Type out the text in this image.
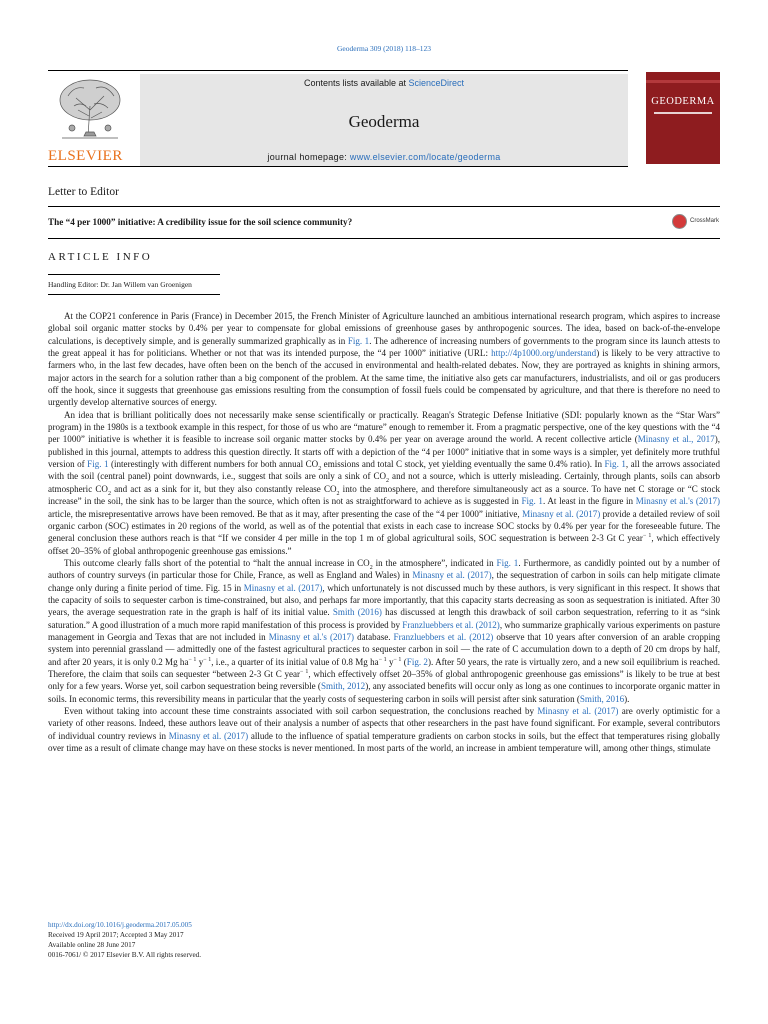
Geoderma 309 (2018) 118–123
ELSEVIER
Contents lists available at ScienceDirect
Geoderma
journal homepage: www.elsevier.com/locate/geoderma
GEODERMA
Letter to Editor
The “4 per 1000” initiative: A credibility issue for the soil science community?	CrossMark
ARTICLE INFO
Handling Editor: Dr. Jan Willem van Groenigen

At the COP21 conference in Paris (France) in December 2015, the French Minister of Agriculture launched an ambitious international research program, which aspires to increase global soil organic matter stocks by 0.4% per year to compensate for global emissions of greenhouse gases by anthropogenic sources. The idea, based on back-of-the-envelope calculations, is deceptively simple, and is generally summarized graphically as in Fig. 1. The adherence of increasing numbers of governments to the program since its launch attests to the great appeal it has for politicians. Whether or not that was its intended purpose, the “4 per 1000” initiative (URL: http://4p1000.org/understand) is likely to be very attractive to farmers who, in the last few decades, have often been on the bench of the accused in environmental and health-related debates. Now, they are portrayed as knights in shining armors, major actors in the search for a solution rather than a big component of the problem. At the same time, the initiative also gets car manufacturers, industrialists, and oil or gas producers off the hook, since it suggests that greenhouse gas emissions resulting from the consumption of fossil fuels could be compensated by agriculture, and that there is therefore no need to urgently develop alternative sources of energy.

An idea that is brilliant politically does not necessarily make sense scientifically or practically. Reagan's Strategic Defense Initiative (SDI: popularly known as the “Star Wars” program) in the 1980s is a textbook example in this respect, for those of us who are “mature” enough to remember it. From a pragmatic perspective, one of the key questions with the “4 per 1000” initiative is whether it is feasible to increase soil organic matter stocks by 0.4% per year on average around the world. A recent collective article (Minasny et al., 2017), published in this journal, attempts to address this question directly. It starts off with a depiction of the “4 per 1000” initiative that in some ways is a simpler, yet definitely more truthful version of Fig. 1 (interestingly with different numbers for both annual $CO_2$ emissions and total C stock, yet yielding eventually the same 0.4% ratio). In Fig. 1, all the arrows associated with the soil (central panel) point downwards, i.e., suggest that soils are only a sink of $CO_2$ and not a source, which is utterly misleading. Certainly, through plants, soils can absorb atmospheric $CO_2$ and act as a sink for it, but they also constantly release $CO_2$ into the atmosphere, and therefore simultaneously act as a source. To have net C storage or “C stock increase” in the soil, the sink has to be larger than the source, which often is not as straightforward to achieve as is suggested in Fig. 1. At least in the figure in Minasny et al.'s (2017) article, the misrepresentative arrows have been removed. Be that as it may, after presenting the case of the “4 per 1000” initiative, Minasny et al. (2017) provide a detailed review of soil organic carbon (SOC) estimates in 20 regions of the world, as well as of the potential that exists in each case to increase SOC stocks by 0.4% per year for the foreseeable future. The general conclusion these authors reach is that “If we consider 4 per mille in the top 1 m of global agricultural soils, SOC sequestration is between 2-3 Gt C year$^{- 1}$, which effectively offset 20–35% of global anthropogenic greenhouse gas emissions.”

This outcome clearly falls short of the potential to “halt the annual increase in $CO_2$ in the atmosphere”, indicated in Fig. 1. Furthermore, as candidly pointed out by a number of authors of country surveys (in particular those for Chile, France, as well as England and Wales) in Minasny et al. (2017), the sequestration of carbon in soils can help mitigate climate change only during a finite period of time. Fig. 15 in Minasny et al. (2017), which unfortunately is not discussed much by these authors, is very significant in this respect. It shows that the capacity of soils to sequester carbon is time-constrained, but also, and perhaps far more importantly, that this capacity starts decreasing as soon as sequestration is initiated. After 30 years, the average sequestration rate in the graph is half of its initial value. Smith (2016) has discussed at length this drawback of soil carbon sequestration, referring to it as “sink saturation.” A good illustration of a much more rapid manifestation of this process is provided by Franzluebbers et al. (2012), who summarize graphically various experiments on pasture management in Georgia and Texas that are not included in Minasny et al.'s (2017) database. Franzluebbers et al. (2012) observe that 10 years after conversion of an arable cropping system into perennial grassland — admittedly one of the fastest agricultural practices to sequester carbon in soil — the rate of C accumulation down to a depth of 20 cm drops by half, and after 20 years, it is only 0.2 Mg $ha^{- 1}$ $y^{- 1}$, i.e., a quarter of its initial value of 0.8 Mg $ha^{- 1}$ $y^{- 1}$ (Fig. 2). After 50 years, the rate is virtually zero, and a new soil equilibrium is reached. Therefore, the claim that soils can sequester “between 2-3 Gt C year$^{- 1}$, which effectively offset 20–35% of global anthropogenic greenhouse gas emissions” is likely to be true at best only for a few years. Worse yet, soil carbon sequestration being reversible (Smith, 2012), any associated benefits will occur only as long as one continues to incorporate organic matter in soils. In economic terms, this reversibility means in particular that the yearly costs of sequestering carbon in soils will persist after sink saturation (Smith, 2016).

Even without taking into account these time constraints associated with soil carbon sequestration, the conclusions reached by Minasny et al. (2017) are overly optimistic for a variety of other reasons. Indeed, these authors leave out of their analysis a number of aspects that other researchers in the past have found significant. For example, several contributors of individual country reviews in Minasny et al. (2017) allude to the influence of spatial temperature gradients on carbon stocks in soils, but the effect that temperatures rising globally over time as a result of climate change may have on these stocks is never mentioned. In most parts of the world, an increase in ambient temperature will, among other things, stimulate

http://dx.doi.org/10.1016/j.geoderma.2017.05.005
Received 19 April 2017; Accepted 3 May 2017
Available online 28 June 2017
0016-7061/ © 2017 Elsevier B.V. All rights reserved.
